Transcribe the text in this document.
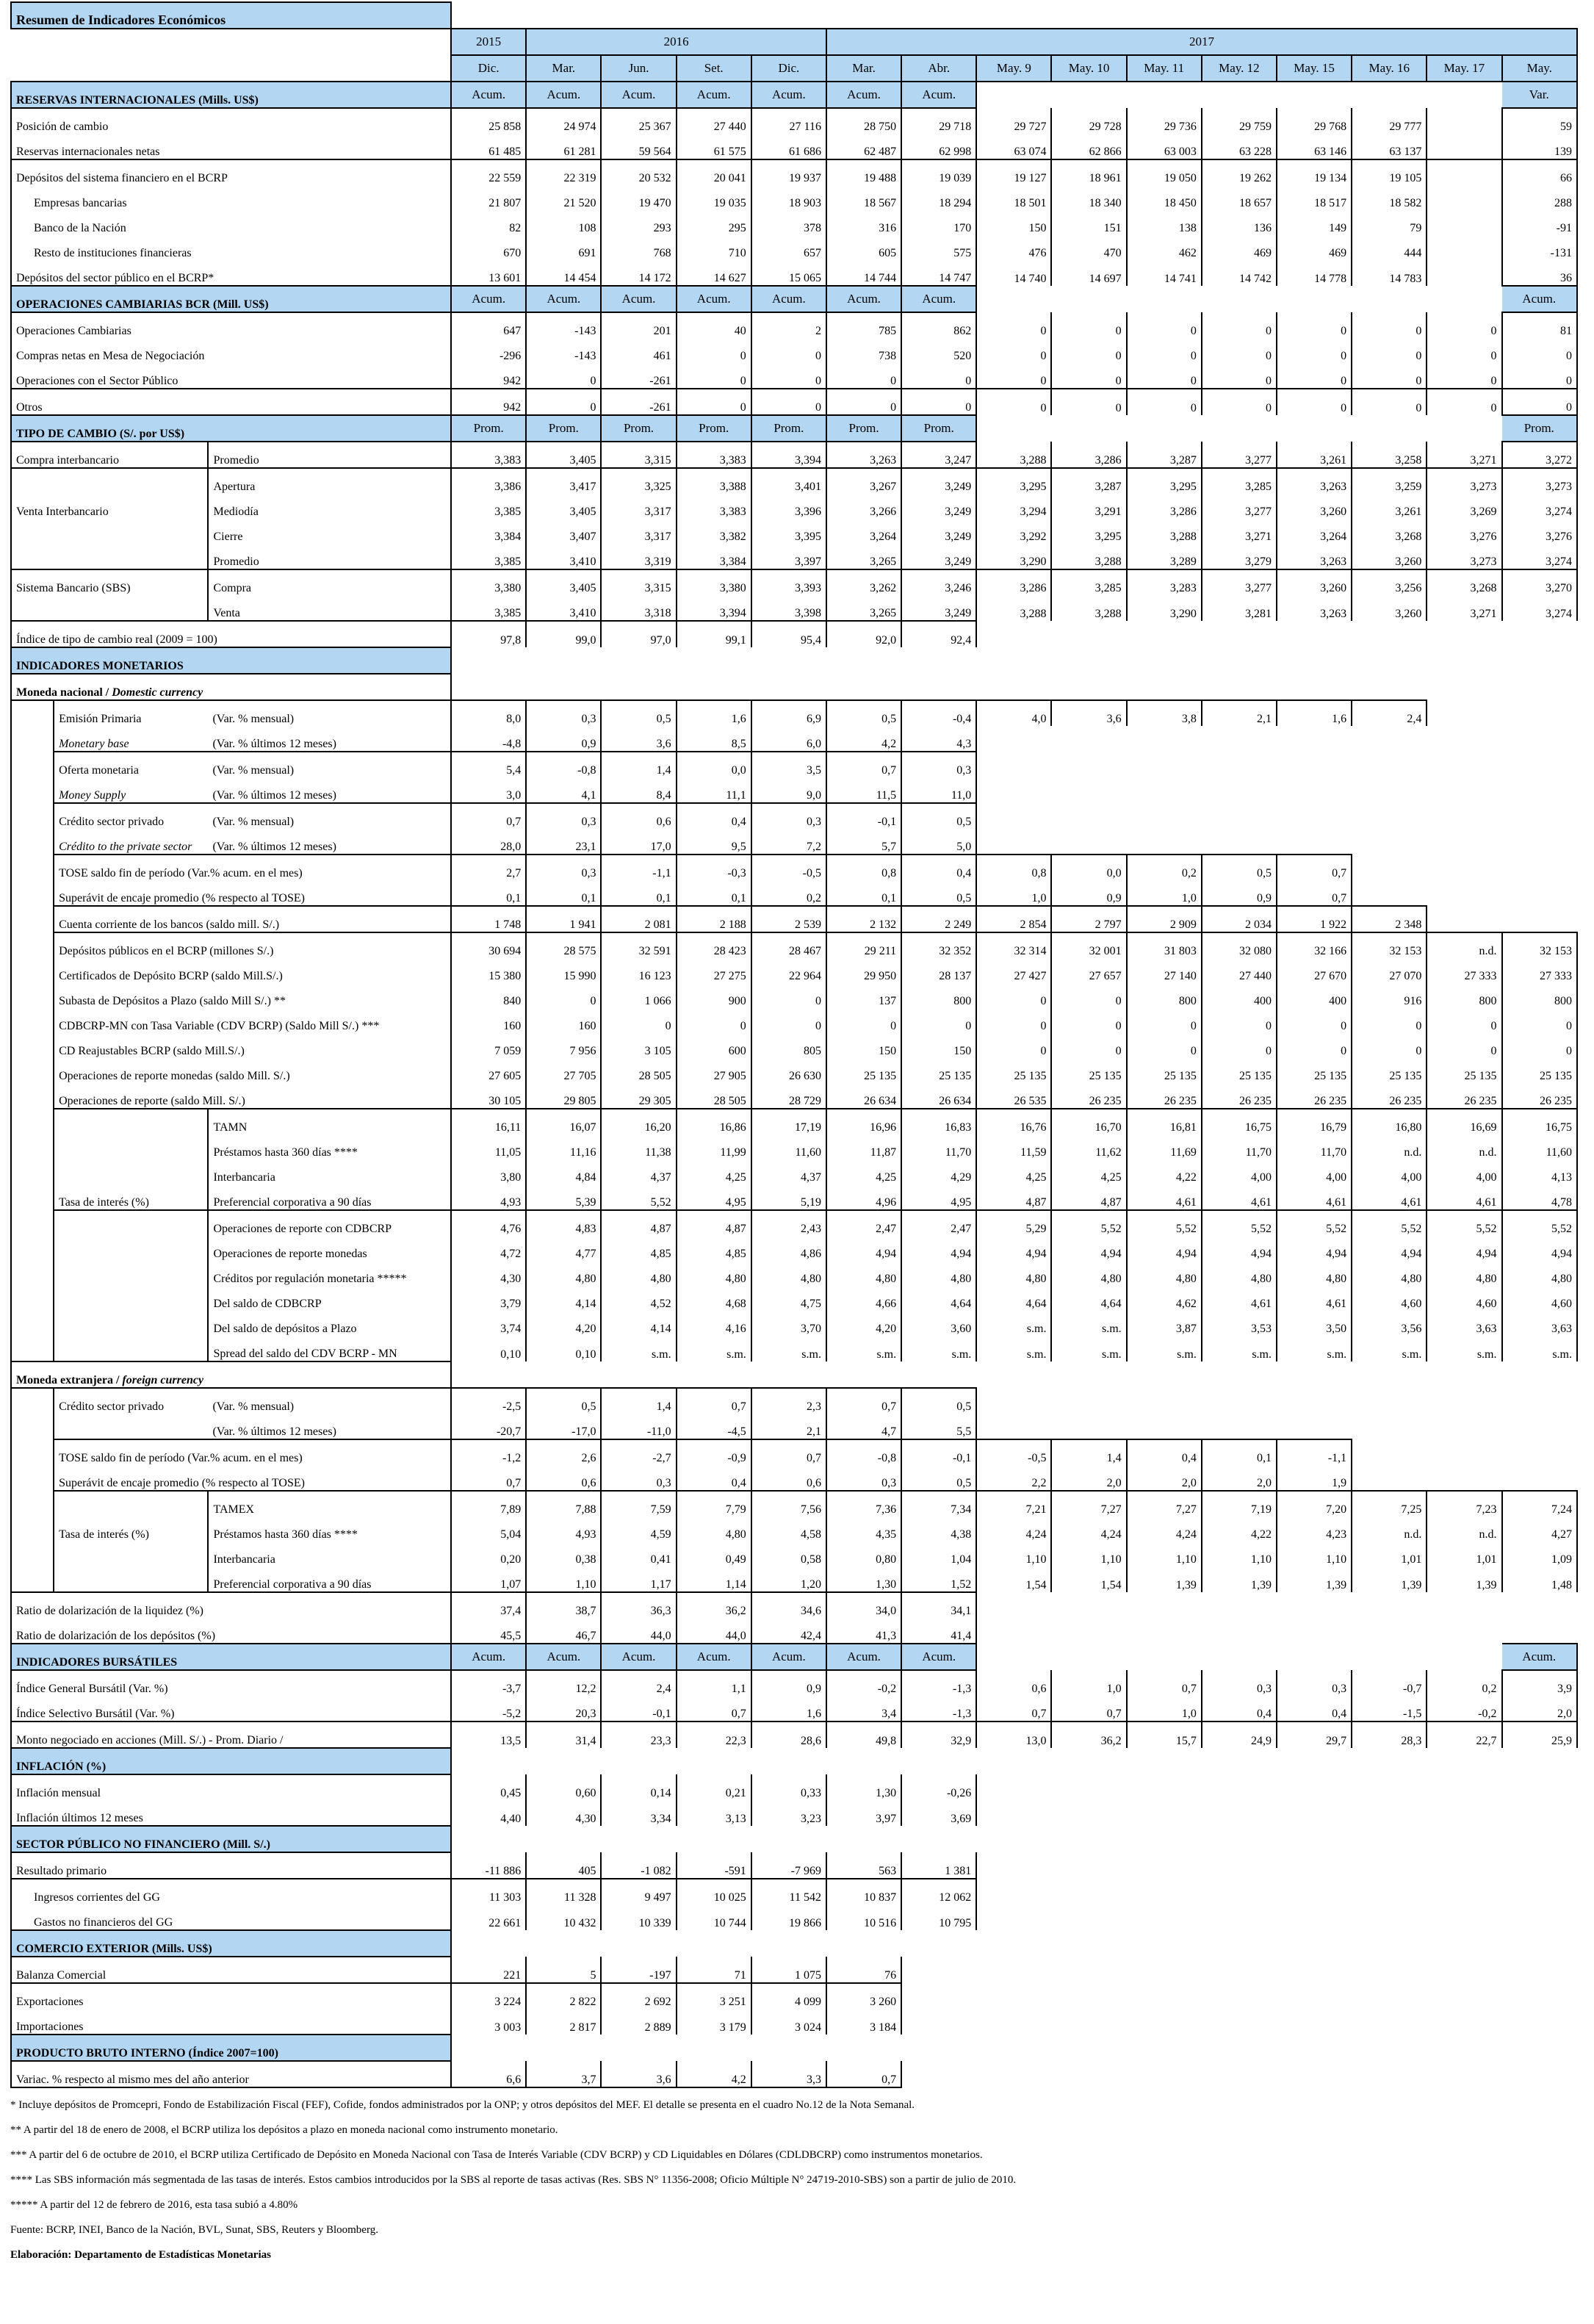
Resumen de Indicadores Económicos																	
			2015	2016				2017									
			Dic.	Mar.	Jun.	Set.	Dic.	Mar.	Abr.	May. 9	May. 10	May. 11	May. 12	May. 15	May. 16	May. 17	May.
RESERVAS INTERNACIONALES (Mills. US$)			Acum.	Acum.	Acum.	Acum.	Acum.	Acum.	Acum.								Var.
Posición de cambio			25 858	24 974	25 367	27 440	27 116	28 750	29 718	29 727	29 728	29 736	29 759	29 768	29 777		59
Reservas internacionales netas			61 485	61 281	59 564	61 575	61 686	62 487	62 998	63 074	62 866	63 003	63 228	63 146	63 137		139
Depósitos del sistema financiero en el BCRP			22 559	22 319	20 532	20 041	19 937	19 488	19 039	19 127	18 961	19 050	19 262	19 134	19 105		66
Empresas bancarias			21 807	21 520	19 470	19 035	18 903	18 567	18 294	18 501	18 340	18 450	18 657	18 517	18 582		288
Banco de la Nación			82	108	293	295	378	316	170	150	151	138	136	149	79		-91
Resto de instituciones financieras			670	691	768	710	657	605	575	476	470	462	469	469	444		-131
Depósitos del sector público en el BCRP*			13 601	14 454	14 172	14 627	15 065	14 744	14 747	14 740	14 697	14 741	14 742	14 778	14 783		36
OPERACIONES CAMBIARIAS BCR (Mill. US$)			Acum.	Acum.	Acum.	Acum.	Acum.	Acum.	Acum.								Acum.
Operaciones Cambiarias			647	-143	201	40	2	785	862	0	0	0	0	0	0	0	81
Compras netas en Mesa de Negociación			-296	-143	461	0	0	738	520	0	0	0	0	0	0	0	0
Operaciones con el Sector Público			942	0	-261	0	0	0	0	0	0	0	0	0	0	0	0
Otros			942	0	-261	0	0	0	0	0	0	0	0	0	0	0	0
TIPO DE CAMBIO (S/. por US$)			Prom.	Prom.	Prom.	Prom.	Prom.	Prom.	Prom.								Prom.
Compra interbancario		Promedio	3,383	3,405	3,315	3,383	3,394	3,263	3,247	3,288	3,286	3,287	3,277	3,261	3,258	3,271	3,272
		Apertura	3,386	3,417	3,325	3,388	3,401	3,267	3,249	3,295	3,287	3,295	3,285	3,263	3,259	3,273	3,273
Venta Interbancario		Mediodía	3,385	3,405	3,317	3,383	3,396	3,266	3,249	3,294	3,291	3,286	3,277	3,260	3,261	3,269	3,274
		Cierre	3,384	3,407	3,317	3,382	3,395	3,264	3,249	3,292	3,295	3,288	3,271	3,264	3,268	3,276	3,276
		Promedio	3,385	3,410	3,319	3,384	3,397	3,265	3,249	3,290	3,288	3,289	3,279	3,263	3,260	3,273	3,274
Sistema Bancario (SBS)		Compra	3,380	3,405	3,315	3,380	3,393	3,262	3,246	3,286	3,285	3,283	3,277	3,260	3,256	3,268	3,270
		Venta	3,385	3,410	3,318	3,394	3,398	3,265	3,249	3,288	3,288	3,290	3,281	3,263	3,260	3,271	3,274
Índice de tipo de cambio real (2009 = 100)			97,8	99,0	97,0	99,1	95,4	92,0	92,4								
INDICADORES MONETARIOS																	
Moneda nacional / Domestic currency																	
	Emisión Primaria	(Var. % mensual)	8,0	0,3	0,5	1,6	6,9	0,5	-0,4	4,0	3,6	3,8	2,1	1,6	2,4		
	Monetary base	(Var. % últimos 12 meses)	-4,8	0,9	3,6	8,5	6,0	4,2	4,3								
	Oferta monetaria	(Var. % mensual)	5,4	-0,8	1,4	0,0	3,5	0,7	0,3								
	Money Supply	(Var. % últimos 12 meses)	3,0	4,1	8,4	11,1	9,0	11,5	11,0								
	Crédito sector privado	(Var. % mensual)	0,7	0,3	0,6	0,4	0,3	-0,1	0,5								
	Crédito to the private sector	(Var. % últimos 12 meses)	28,0	23,1	17,0	9,5	7,2	5,7	5,0								
	TOSE saldo fin de período (Var.% acum. en el mes)		2,7	0,3	-1,1	-0,3	-0,5	0,8	0,4	0,8	0,0	0,2	0,5	0,7			
	Superávit de encaje promedio (% respecto al TOSE)		0,1	0,1	0,1	0,1	0,2	0,1	0,5	1,0	0,9	1,0	0,9	0,7			
	Cuenta corriente de los bancos (saldo mill. S/.)		1 748	1 941	2 081	2 188	2 539	2 132	2 249	2 854	2 797	2 909	2 034	1 922	2 348		
	Depósitos públicos en el BCRP (millones S/.)		30 694	28 575	32 591	28 423	28 467	29 211	32 352	32 314	32 001	31 803	32 080	32 166	32 153	n.d.	32 153
	Certificados de Depósito BCRP (saldo Mill.S/.)		15 380	15 990	16 123	27 275	22 964	29 950	28 137	27 427	27 657	27 140	27 440	27 670	27 070	27 333	27 333
	Subasta de Depósitos a Plazo (saldo Mill S/.) **		840	0	1 066	900	0	137	800	0	0	800	400	400	916	800	800
	CDBCRP-MN con Tasa Variable (CDV BCRP) (Saldo Mill S/.) ***		160	160	0	0	0	0	0	0	0	0	0	0	0	0	0
	CD Reajustables BCRP (saldo Mill.S/.)		7 059	7 956	3 105	600	805	150	150	0	0	0	0	0	0	0	0
	Operaciones de reporte monedas (saldo Mill. S/.)		27 605	27 705	28 505	27 905	26 630	25 135	25 135	25 135	25 135	25 135	25 135	25 135	25 135	25 135	25 135
	Operaciones de reporte (saldo Mill. S/.)		30 105	29 805	29 305	28 505	28 729	26 634	26 634	26 535	26 235	26 235	26 235	26 235	26 235	26 235	26 235
		TAMN	16,11	16,07	16,20	16,86	17,19	16,96	16,83	16,76	16,70	16,81	16,75	16,79	16,80	16,69	16,75
		Préstamos hasta 360 días ****	11,05	11,16	11,38	11,99	11,60	11,87	11,70	11,59	11,62	11,69	11,70	11,70	n.d.	n.d.	11,60
		Interbancaria	3,80	4,84	4,37	4,25	4,37	4,25	4,29	4,25	4,25	4,22	4,00	4,00	4,00	4,00	4,13
	Tasa de interés (%)	Preferencial corporativa a 90 días	4,93	5,39	5,52	4,95	5,19	4,96	4,95	4,87	4,87	4,61	4,61	4,61	4,61	4,61	4,78
		Operaciones de reporte con CDBCRP	4,76	4,83	4,87	4,87	2,43	2,47	2,47	5,29	5,52	5,52	5,52	5,52	5,52	5,52	5,52
		Operaciones de reporte monedas	4,72	4,77	4,85	4,85	4,86	4,94	4,94	4,94	4,94	4,94	4,94	4,94	4,94	4,94	4,94
		Créditos por regulación monetaria *****	4,30	4,80	4,80	4,80	4,80	4,80	4,80	4,80	4,80	4,80	4,80	4,80	4,80	4,80	4,80
		Del saldo de CDBCRP	3,79	4,14	4,52	4,68	4,75	4,66	4,64	4,64	4,64	4,62	4,61	4,61	4,60	4,60	4,60
		Del saldo de depósitos a Plazo	3,74	4,20	4,14	4,16	3,70	4,20	3,60	s.m.	s.m.	3,87	3,53	3,50	3,56	3,63	3,63
		Spread del saldo del CDV BCRP - MN	0,10	0,10	s.m.	s.m.	s.m.	s.m.	s.m.	s.m.	s.m.	s.m.	s.m.	s.m.	s.m.	s.m.	s.m.
Moneda extranjera / foreign currency																	
	Crédito sector privado	(Var. % mensual)	-2,5	0,5	1,4	0,7	2,3	0,7	0,5								
		(Var. % últimos 12 meses)	-20,7	-17,0	-11,0	-4,5	2,1	4,7	5,5								
	TOSE saldo fin de período (Var.% acum. en el mes)		-1,2	2,6	-2,7	-0,9	0,7	-0,8	-0,1	-0,5	1,4	0,4	0,1	-1,1			
	Superávit de encaje promedio (% respecto al TOSE)		0,7	0,6	0,3	0,4	0,6	0,3	0,5	2,2	2,0	2,0	2,0	1,9			
		TAMEX	7,89	7,88	7,59	7,79	7,56	7,36	7,34	7,21	7,27	7,27	7,19	7,20	7,25	7,23	7,24
	Tasa de interés (%)	Préstamos hasta 360 días ****	5,04	4,93	4,59	4,80	4,58	4,35	4,38	4,24	4,24	4,24	4,22	4,23	n.d.	n.d.	4,27
		Interbancaria	0,20	0,38	0,41	0,49	0,58	0,80	1,04	1,10	1,10	1,10	1,10	1,10	1,01	1,01	1,09
		Preferencial corporativa a 90 días	1,07	1,10	1,17	1,14	1,20	1,30	1,52	1,54	1,54	1,39	1,39	1,39	1,39	1,39	1,48
Ratio de dolarización de la liquidez (%)			37,4	38,7	36,3	36,2	34,6	34,0	34,1								
Ratio de dolarización de los depósitos (%)			45,5	46,7	44,0	44,0	42,4	41,3	41,4								
INDICADORES BURSÁTILES			Acum.	Acum.	Acum.	Acum.	Acum.	Acum.	Acum.								Acum.
Índice General Bursátil (Var. %)			-3,7	12,2	2,4	1,1	0,9	-0,2	-1,3	0,6	1,0	0,7	0,3	0,3	-0,7	0,2	3,9
Índice Selectivo Bursátil (Var. %)			-5,2	20,3	-0,1	0,7	1,6	3,4	-1,3	0,7	0,7	1,0	0,4	0,4	-1,5	-0,2	2,0
Monto negociado en acciones (Mill. S/.) - Prom. Diario /			13,5	31,4	23,3	22,3	28,6	49,8	32,9	13,0	36,2	15,7	24,9	29,7	28,3	22,7	25,9
INFLACIÓN (%)																	
Inflación mensual			0,45	0,60	0,14	0,21	0,33	1,30	-0,26								
Inflación últimos 12 meses			4,40	4,30	3,34	3,13	3,23	3,97	3,69								
SECTOR PÚBLICO NO FINANCIERO (Mill. S/.)																	
Resultado primario			-11 886	405	-1 082	-591	-7 969	563	1 381								
Ingresos corrientes del GG			11 303	11 328	9 497	10 025	11 542	10 837	12 062								
Gastos no financieros del GG			22 661	10 432	10 339	10 744	19 866	10 516	10 795								
COMERCIO EXTERIOR (Mills. US$)																	
Balanza Comercial			221	5	-197	71	1 075	76									
Exportaciones			3 224	2 822	2 692	3 251	4 099	3 260									
Importaciones			3 003	2 817	2 889	3 179	3 024	3 184									
PRODUCTO BRUTO INTERNO (Índice 2007=100)																	
Variac. % respecto al mismo mes del año anterior			6,6	3,7	3,6	4,2	3,3	0,7									
* Incluye depósitos de Promcepri, Fondo de Estabilización Fiscal (FEF), Cofide, fondos administrados por la ONP; y otros depósitos del MEF. El detalle se presenta en el cuadro No.12 de la Nota Semanal.
** A partir del 18 de enero de 2008, el BCRP utiliza los depósitos a plazo en moneda nacional como instrumento monetario.
*** A partir del 6 de octubre de 2010, el BCRP utiliza Certificado de Depósito en Moneda Nacional con Tasa de Interés Variable (CDV BCRP) y CD Liquidables en Dólares (CDLDBCRP) como instrumentos monetarios.
**** Las SBS información más segmentada de las tasas de interés. Estos cambios introducidos por la SBS al reporte de tasas activas (Res. SBS N° 11356-2008; Oficio Múltiple N° 24719-2010-SBS) son a partir de julio de 2010.
***** A partir del 12 de febrero de 2016, esta tasa subió a 4.80%
Fuente: BCRP, INEI, Banco de la Nación, BVL, Sunat, SBS, Reuters y Bloomberg.
Elaboración: Departamento de Estadísticas Monetarias
